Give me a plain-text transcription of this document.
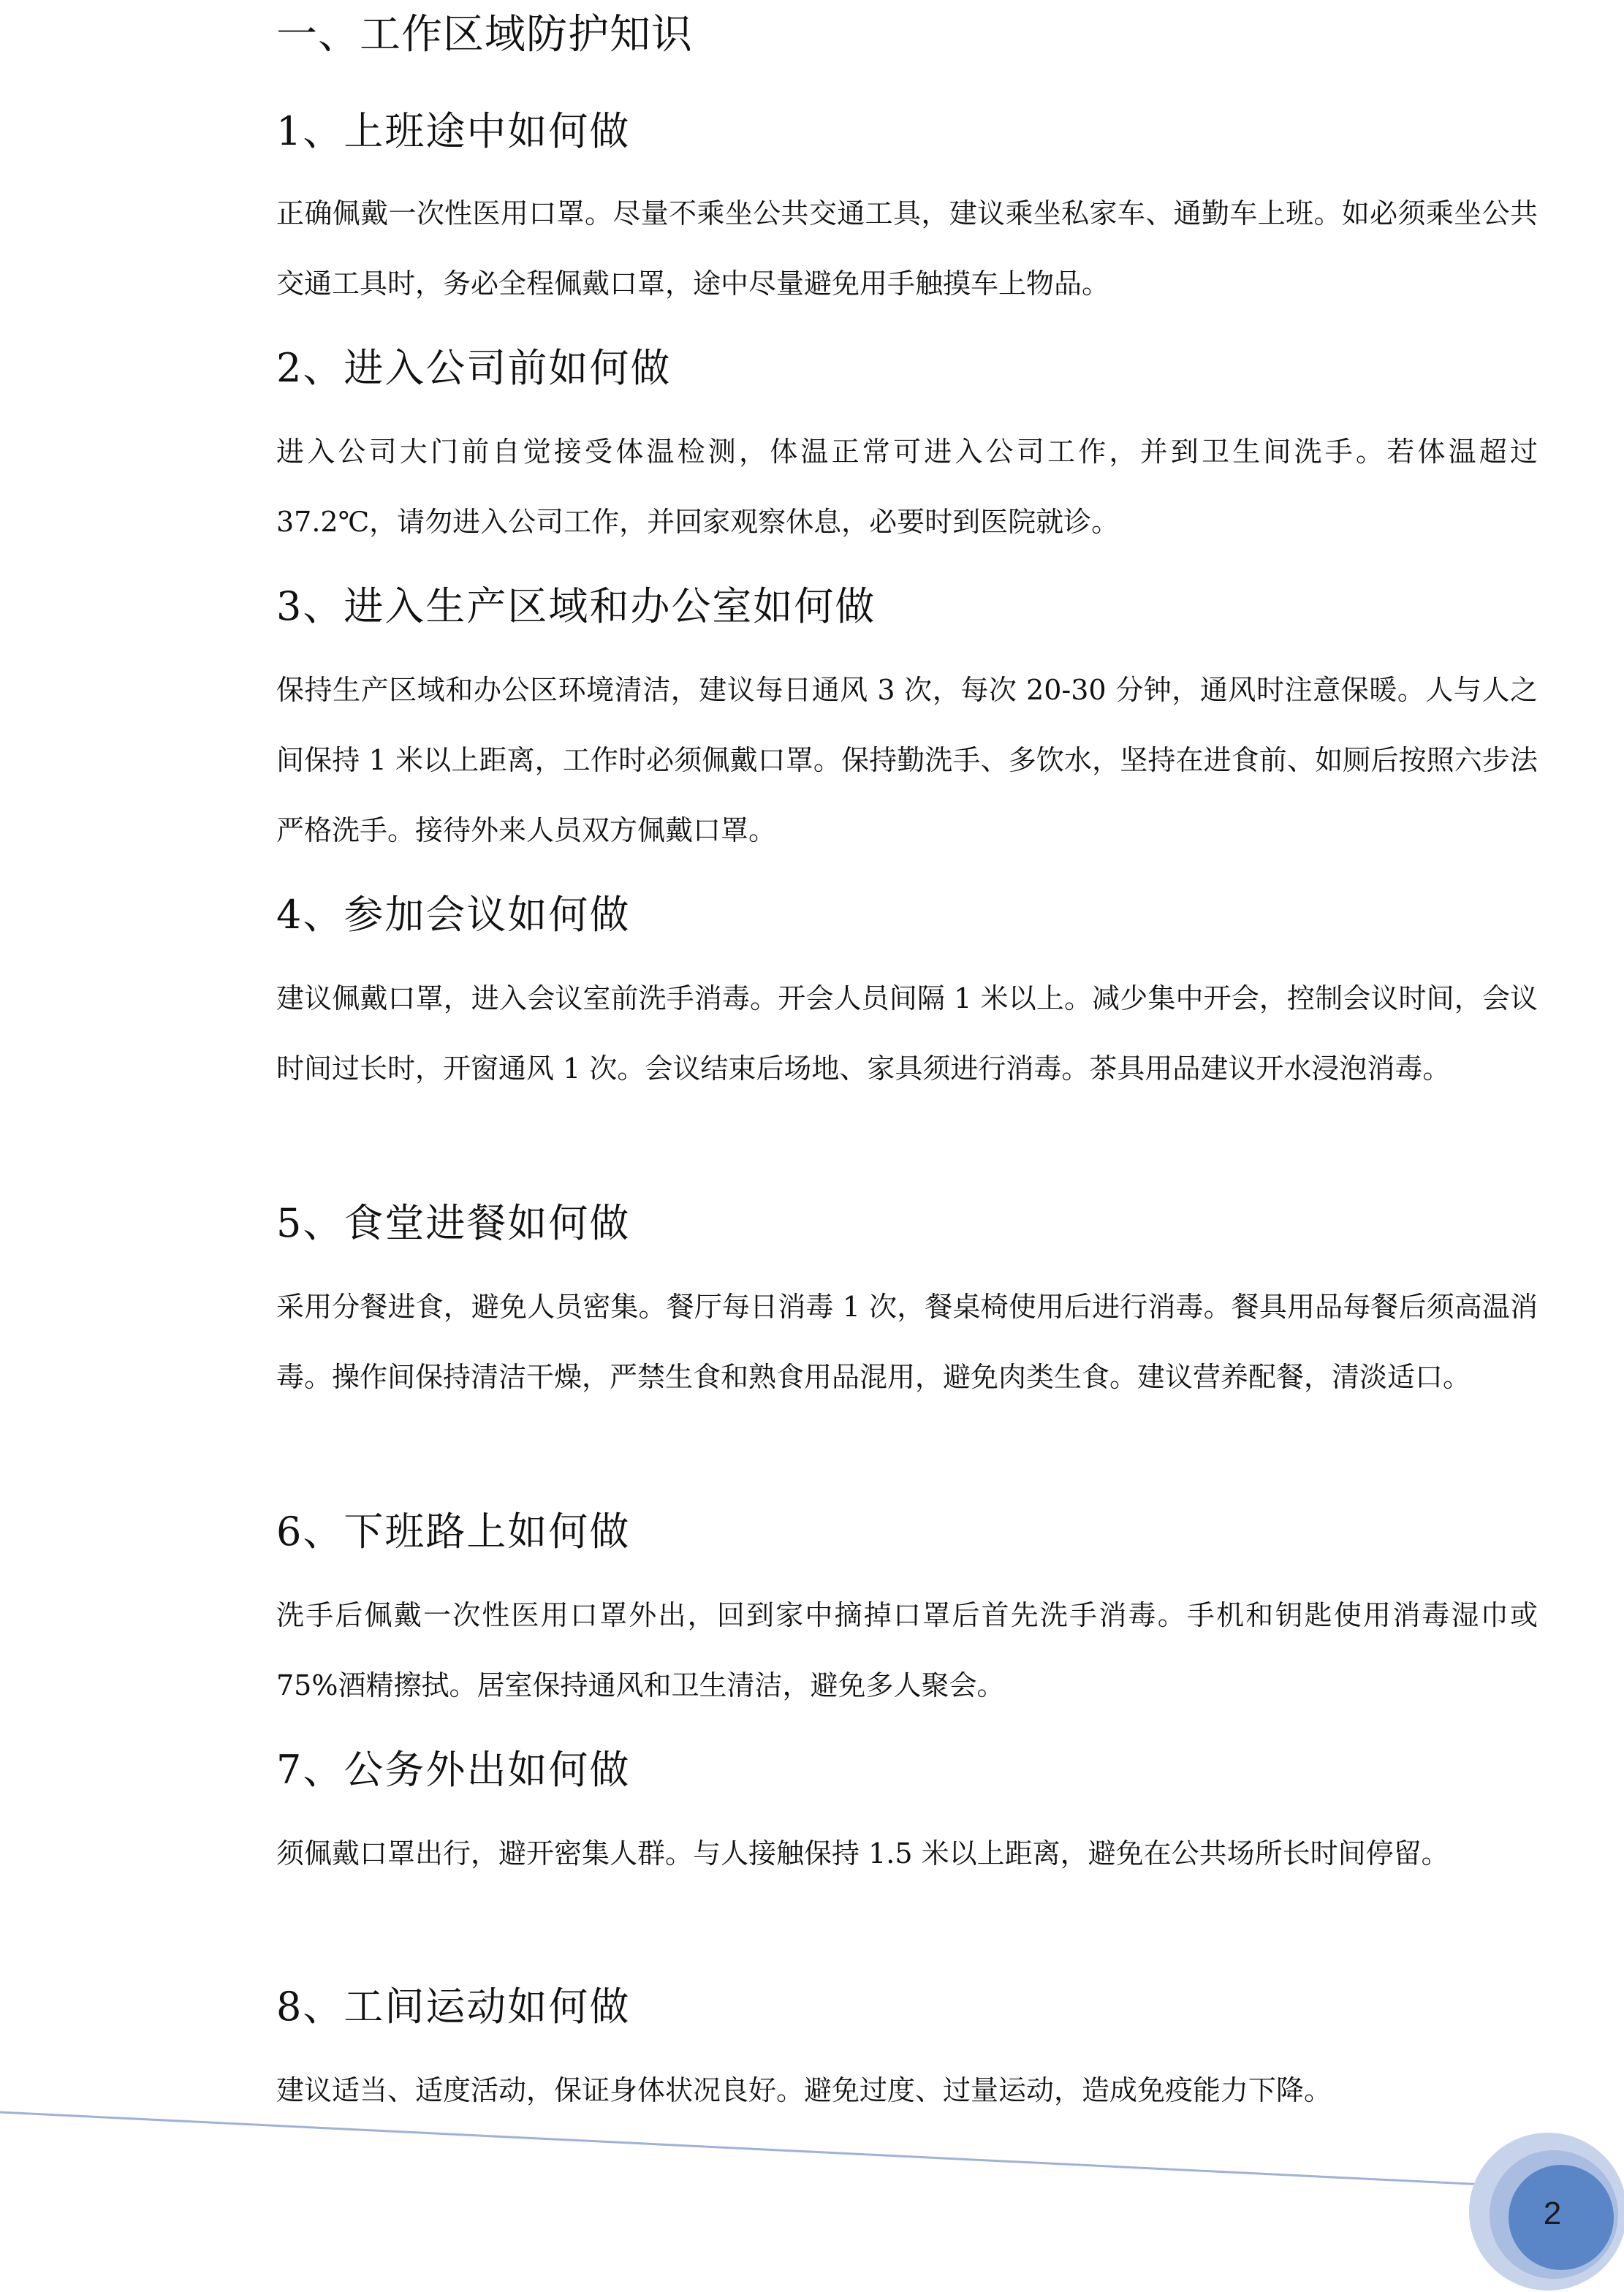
一、工作区域防护知识
1、上班途中如何做

正确佩戴一次性医用口罩。尽量不乘坐公共交通工具，建议乘坐私家车、通勤车上班。如必须乘坐公共交通工具时，务必全程佩戴口罩，途中尽量避免用手触摸车上物品。

2、进入公司前如何做

进入公司大门前自觉接受体温检测，体温正常可进入公司工作，并到卫生间洗手。若体温超过 37.2℃，请勿进入公司工作，并回家观察休息，必要时到医院就诊。

3、进入生产区域和办公室如何做

保持生产区域和办公区环境清洁，建议每日通风 3 次，每次 20-30 分钟，通风时注意保暖。人与人之间保持 1 米以上距离，工作时必须佩戴口罩。保持勤洗手、多饮水，坚持在进食前、如厕后按照六步法严格洗手。接待外来人员双方佩戴口罩。

4、参加会议如何做

建议佩戴口罩，进入会议室前洗手消毒。开会人员间隔 1 米以上。减少集中开会，控制会议时间，会议时间过长时，开窗通风 1 次。会议结束后场地、家具须进行消毒。茶具用品建议开水浸泡消毒。

5、食堂进餐如何做

采用分餐进食，避免人员密集。餐厅每日消毒 1 次，餐桌椅使用后进行消毒。餐具用品每餐后须高温消毒。操作间保持清洁干燥，严禁生食和熟食用品混用，避免肉类生食。建议营养配餐，清淡适口。

6、下班路上如何做

洗手后佩戴一次性医用口罩外出，回到家中摘掉口罩后首先洗手消毒。手机和钥匙使用消毒湿巾或 75%酒精擦拭。居室保持通风和卫生清洁，避免多人聚会。

7、公务外出如何做

须佩戴口罩出行，避开密集人群。与人接触保持 1.5 米以上距离，避免在公共场所长时间停留。

8、工间运动如何做

建议适当、适度活动，保证身体状况良好。避免过度、过量运动，造成免疫能力下降。

2
